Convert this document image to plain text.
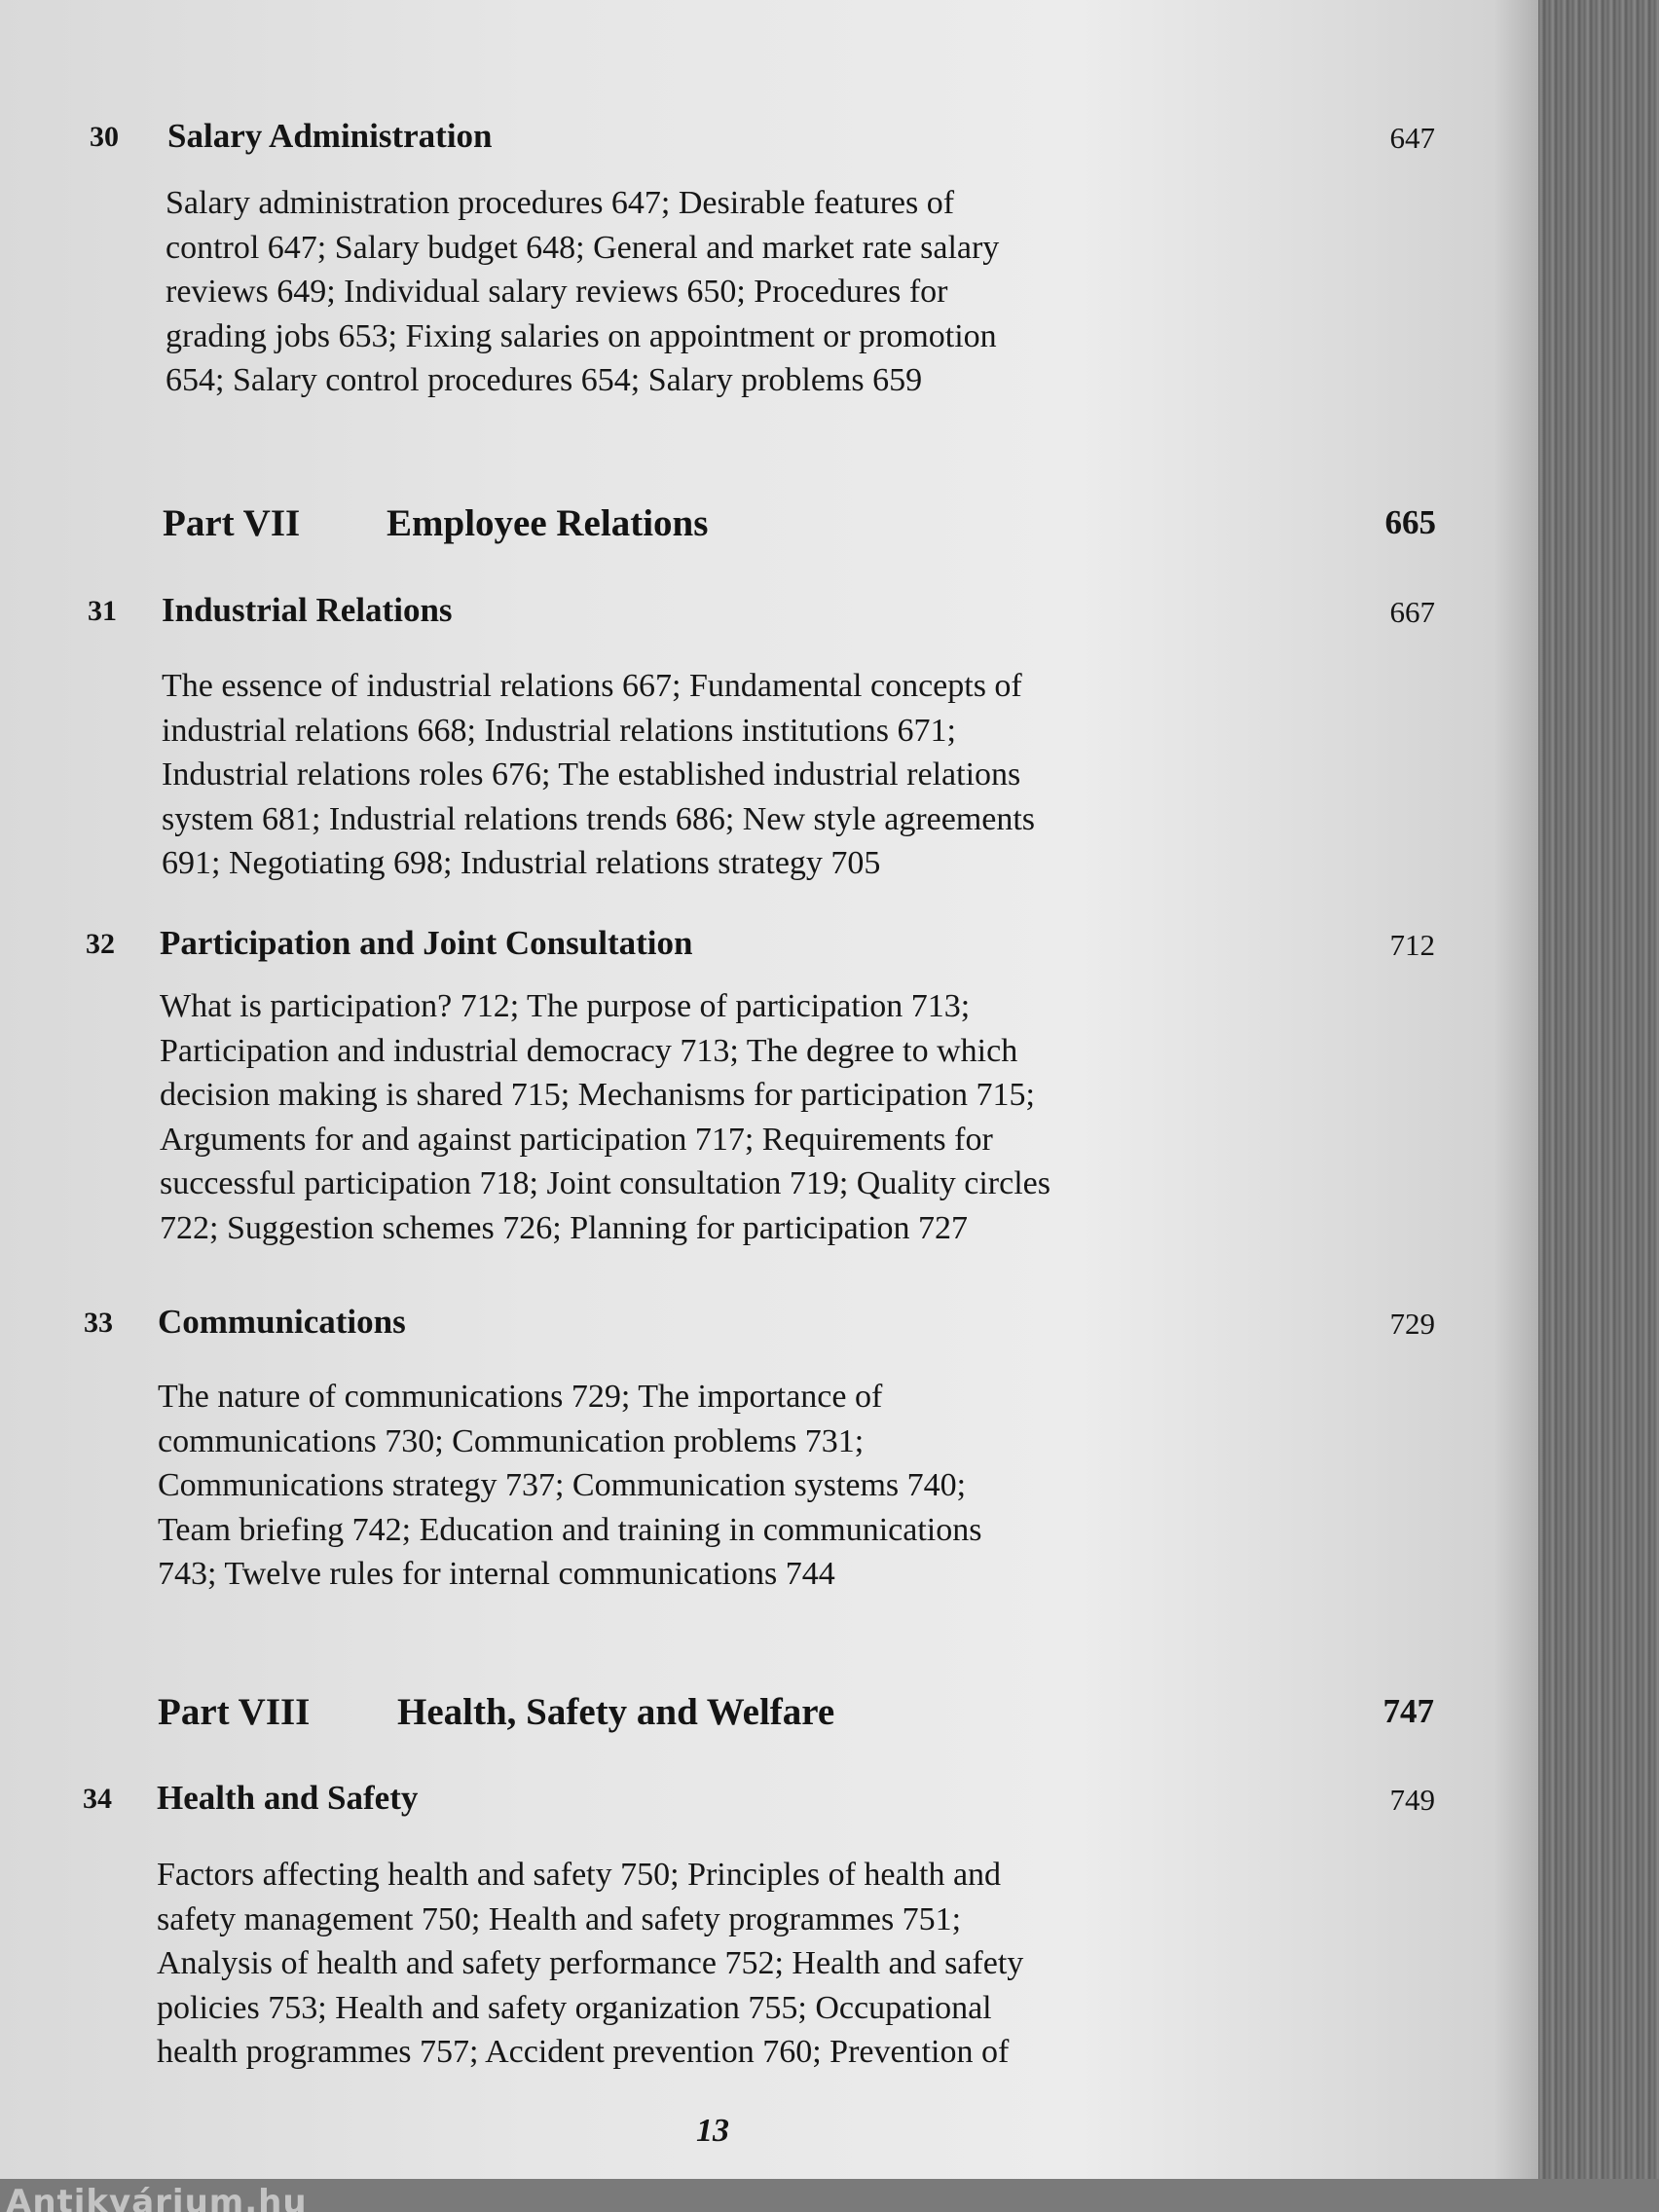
30 Salary Administration	647

Salary administration procedures 647; Desirable features of
control 647; Salary budget 648; General and market rate salary
reviews 649; Individual salary reviews 650; Procedures for
grading jobs 653; Fixing salaries on appointment or promotion
654; Salary control procedures 654; Salary problems 659

Part VII Employee Relations	665
31 Industrial Relations	667

The essence of industrial relations 667; Fundamental concepts of
industrial relations 668; Industrial relations institutions 671;
Industrial relations roles 676; The established industrial relations
system 681; Industrial relations trends 686; New style agreements
691; Negotiating 698; Industrial relations strategy 705

32 Participation and Joint Consultation	712

What is participation? 712; The purpose of participation 713;
Participation and industrial democracy 713; The degree to which
decision making is shared 715; Mechanisms for participation 715;
Arguments for and against participation 717; Requirements for
successful participation 718; Joint consultation 719; Quality circles
722; Suggestion schemes 726; Planning for participation 727

33 Communications	729

The nature of communications 729; The importance of
communications 730; Communication problems 731;
Communications strategy 737; Communication systems 740;
Team briefing 742; Education and training in communications
743; Twelve rules for internal communications 744

Part VIII Health, Safety and Welfare	747
34 Health and Safety	749

Factors affecting health and safety 750; Principles of health and
safety management 750; Health and safety programmes 751;
Analysis of health and safety performance 752; Health and safety
policies 753; Health and safety organization 755; Occupational
health programmes 757; Accident prevention 760; Prevention of

13
Antikvárium.hu
